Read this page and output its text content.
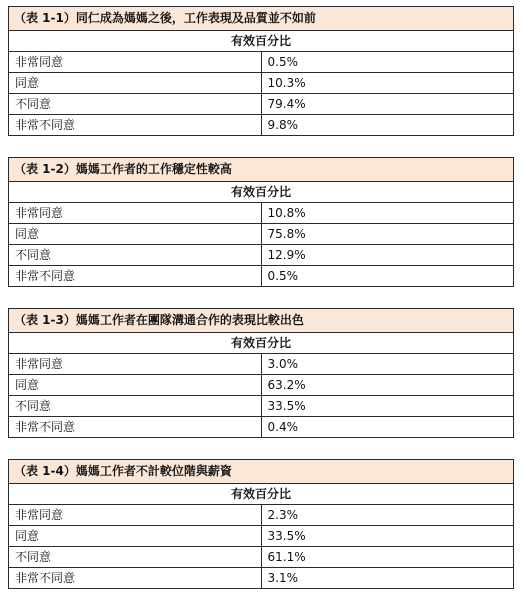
（表 1-1）同仁成為媽媽之後，工作表現及品質並不如前	
有效百分比	
非常同意	0.5%
同意	10.3%
不同意	79.4%
非常不同意	9.8%
（表 1-2）媽媽工作者的工作穩定性較高	
有效百分比	
非常同意	10.8%
同意	75.8%
不同意	12.9%
非常不同意	0.5%
（表 1-3）媽媽工作者在團隊溝通合作的表現比較出色	
有效百分比	
非常同意	3.0%
同意	63.2%
不同意	33.5%
非常不同意	0.4%
（表 1-4）媽媽工作者不計較位階與薪資	
有效百分比	
非常同意	2.3%
同意	33.5%
不同意	61.1%
非常不同意	3.1%
